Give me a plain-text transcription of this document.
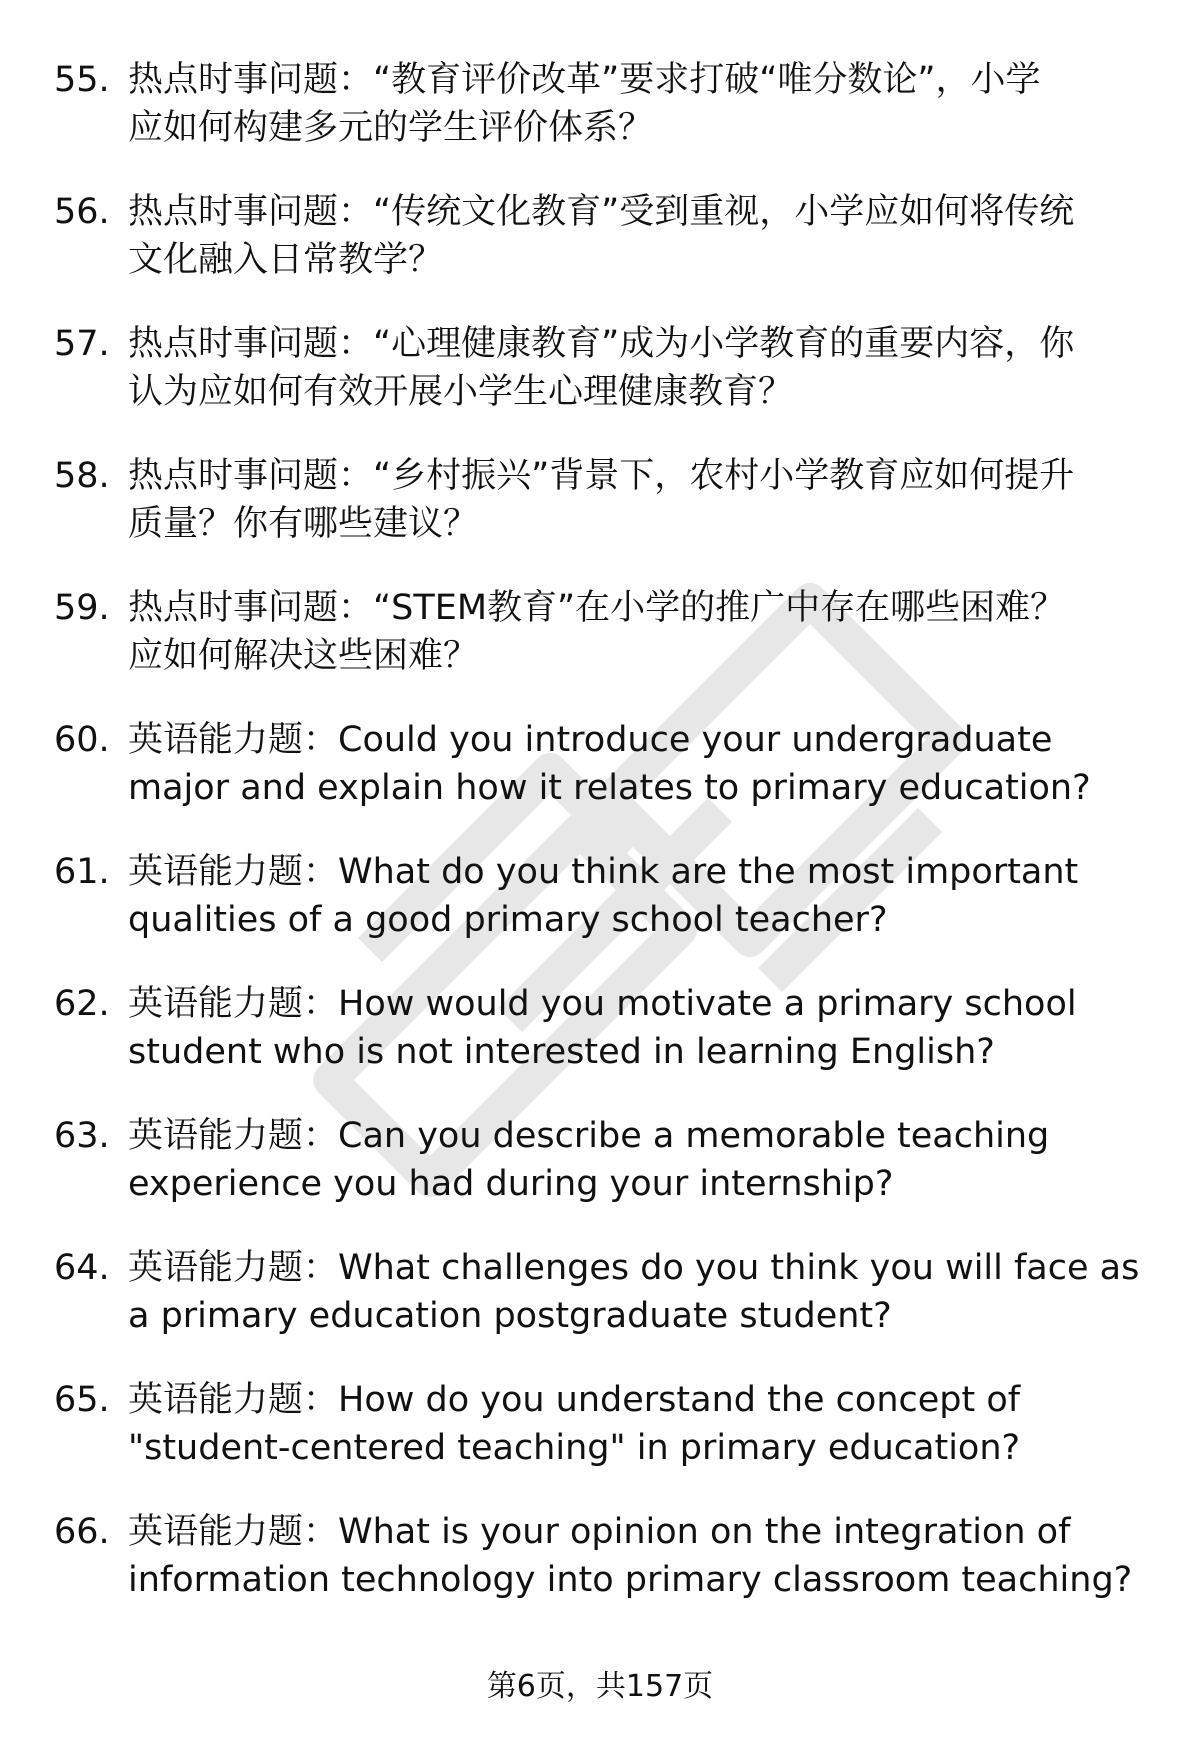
55. 热点时事问题：“教育评价改革”要求打破“唯分数论”，小学
应如何构建多元的学生评价体系？
56. 热点时事问题：“传统文化教育”受到重视，小学应如何将传统
文化融入日常教学？
57. 热点时事问题：“心理健康教育”成为小学教育的重要内容，你
认为应如何有效开展小学生心理健康教育？
58. 热点时事问题：“乡村振兴”背景下，农村小学教育应如何提升
质量？你有哪些建议？
59. 热点时事问题：“STEM教育”在小学的推广中存在哪些困难？
应如何解决这些困难？
60. 英语能力题：Could you introduce your undergraduate
major and explain how it relates to primary education?
61. 英语能力题：What do you think are the most important
qualities of a good primary school teacher?
62. 英语能力题：How would you motivate a primary school
student who is not interested in learning English?
63. 英语能力题：Can you describe a memorable teaching
experience you had during your internship?
64. 英语能力题：What challenges do you think you will face as
a primary education postgraduate student?
65. 英语能力题：How do you understand the concept of
"student-centered teaching" in primary education?
66. 英语能力题：What is your opinion on the integration of
information technology into primary classroom teaching?
第6页，共157页
